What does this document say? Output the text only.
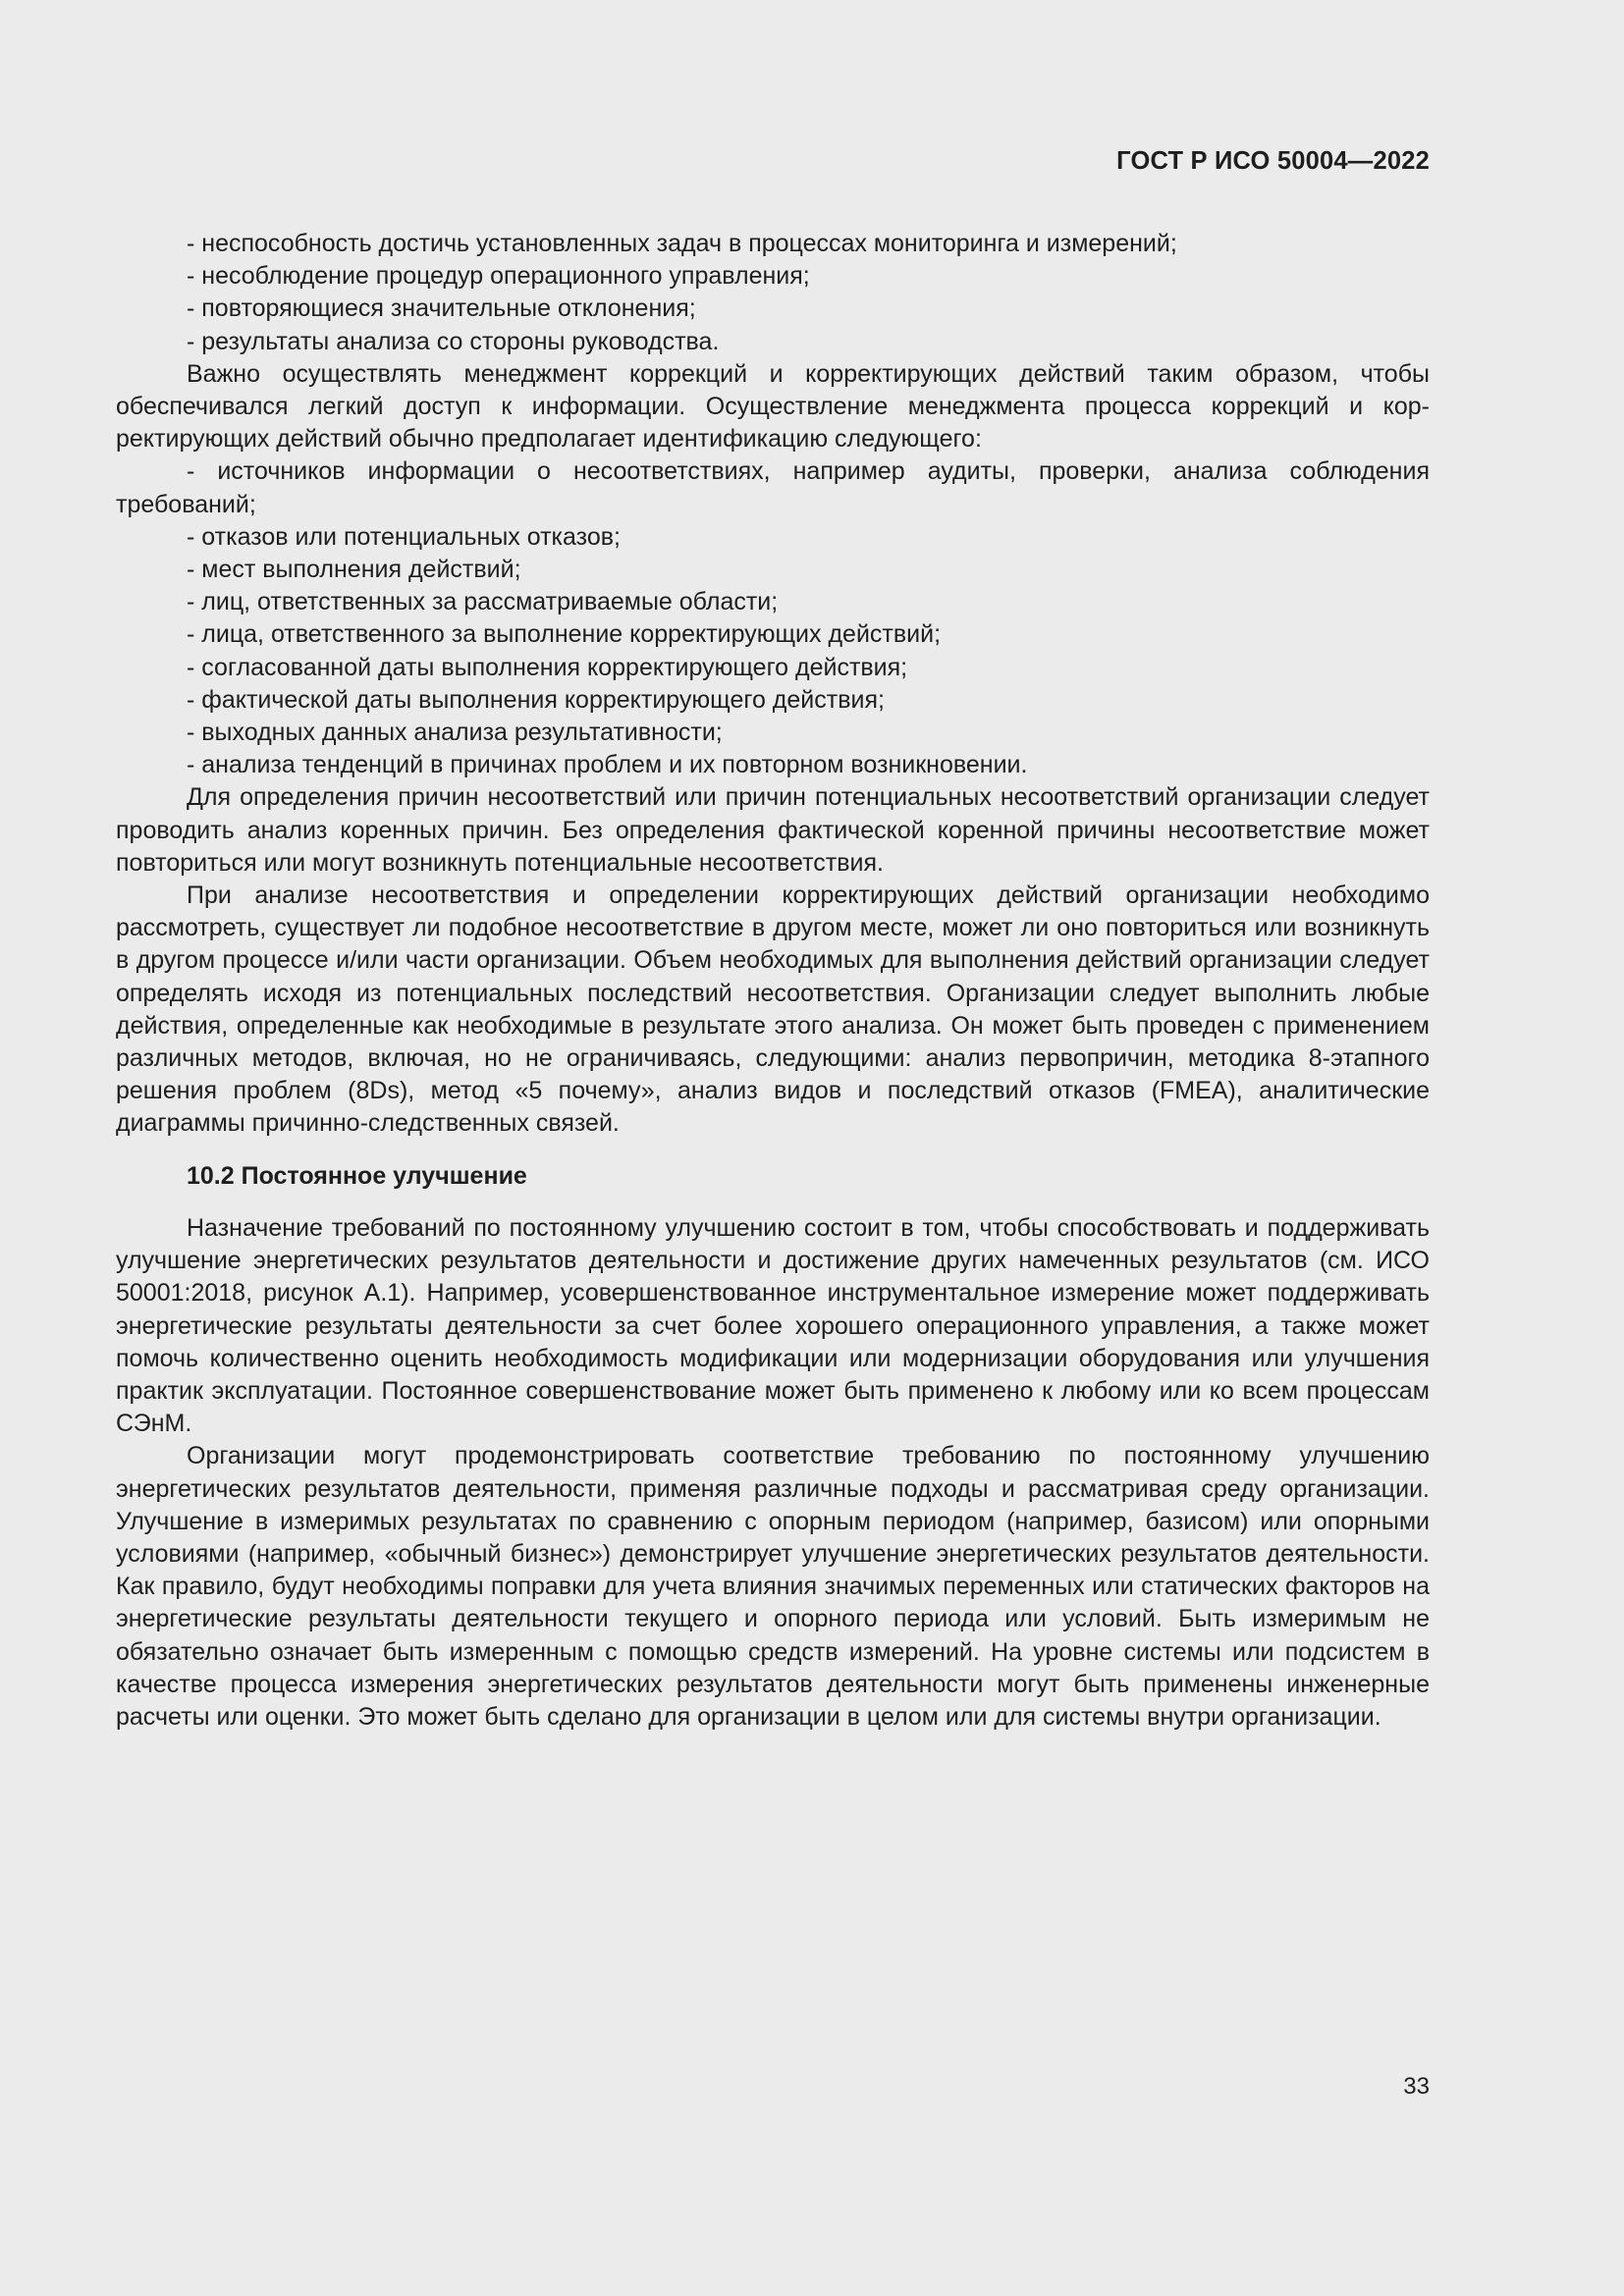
ГОСТ Р ИСО 50004—2022

- неспособность достичь установленных задач в процессах мониторинга и измерений;

- несоблюдение процедур операционного управления;

- повторяющиеся значительные отклонения;

- результаты анализа со стороны руководства.

Важно осуществлять менеджмент коррекций и корректирующих действий таким образом, чтобы обеспечивался легкий доступ к информации. Осуществление менеджмента процесса коррекций и корректирующих действий обычно предполагает идентификацию следующего:

- источников информации о несоответствиях, например аудиты, проверки, анализа соблюдения требований;

- отказов или потенциальных отказов;

- мест выполнения действий;

- лиц, ответственных за рассматриваемые области;

- лица, ответственного за выполнение корректирующих действий;

- согласованной даты выполнения корректирующего действия;

- фактической даты выполнения корректирующего действия;

- выходных данных анализа результативности;

- анализа тенденций в причинах проблем и их повторном возникновении.

Для определения причин несоответствий или причин потенциальных несоответствий организации следует проводить анализ коренных причин. Без определения фактической коренной причины несоответствие может повториться или могут возникнуть потенциальные несоответствия.

При анализе несоответствия и определении корректирующих действий организации необходимо рассмотреть, существует ли подобное несоответствие в другом месте, может ли оно повториться или возникнуть в другом процессе и/или части организации. Объем необходимых для выполнения действий организации следует определять исходя из потенциальных последствий несоответствия. Организации следует выполнить любые действия, определенные как необходимые в результате этого анализа. Он может быть проведен с применением различных методов, включая, но не ограничиваясь, следующими: анализ первопричин, методика 8-этапного решения проблем (8Ds), метод «5 почему», анализ видов и последствий отказов (FMEA), аналитические диаграммы причинно-следственных связей.

10.2 Постоянное улучшение

Назначение требований по постоянному улучшению состоит в том, чтобы способствовать и поддерживать улучшение энергетических результатов деятельности и достижение других намеченных результатов (см. ИСО 50001:2018, рисунок А.1). Например, усовершенствованное инструментальное измерение может поддерживать энергетические результаты деятельности за счет более хорошего операционного управления, а также может помочь количественно оценить необходимость модификации или модернизации оборудования или улучшения практик эксплуатации. Постоянное совершенствование может быть применено к любому или ко всем процессам СЭнМ.

Организации могут продемонстрировать соответствие требованию по постоянному улучшению энергетических результатов деятельности, применяя различные подходы и рассматривая среду организации. Улучшение в измеримых результатах по сравнению с опорным периодом (например, базисом) или опорными условиями (например, «обычный бизнес») демонстрирует улучшение энергетических результатов деятельности. Как правило, будут необходимы поправки для учета влияния значимых переменных или статических факторов на энергетические результаты деятельности текущего и опорного периода или условий. Быть измеримым не обязательно означает быть измеренным с помощью средств измерений. На уровне системы или подсистем в качестве процесса измерения энергетических результатов деятельности могут быть применены инженерные расчеты или оценки. Это может быть сделано для организации в целом или для системы внутри организации.

33
